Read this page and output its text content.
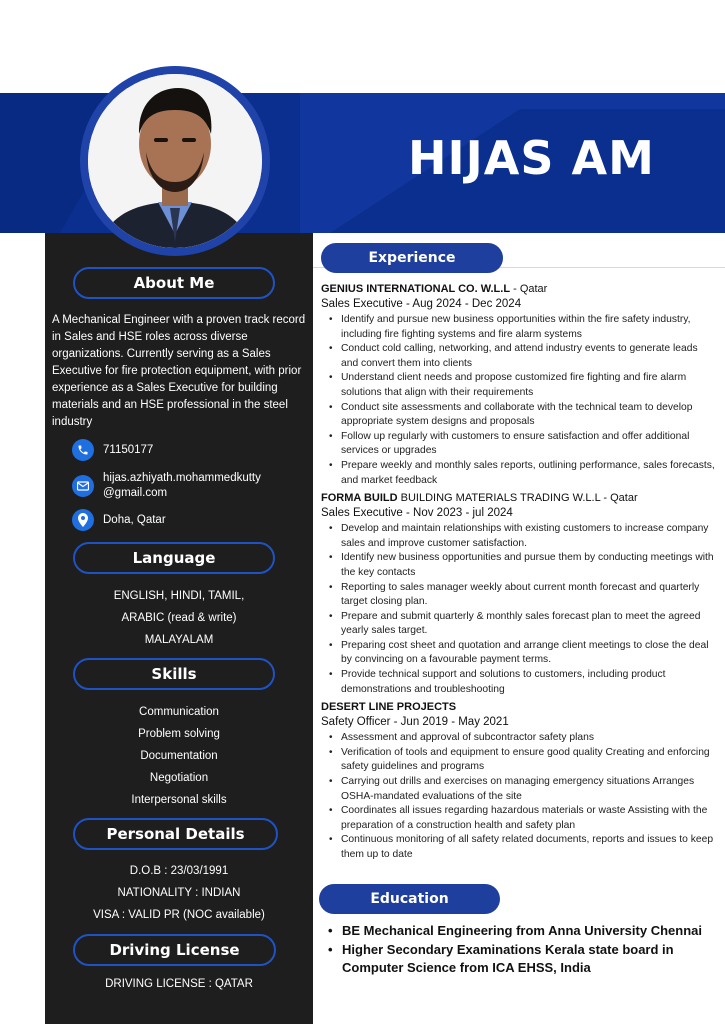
HIJAS AM
About Me
A Mechanical Engineer with a proven track record in Sales and HSE roles across diverse organizations. Currently serving as a Sales Executive for fire protection equipment, with prior experience as a Sales Executive for building materials and an HSE professional in the steel industry
71150177
hijas.azhiyath.mohammedkutty
@gmail.com
Doha, Qatar
Language
ENGLISH, HINDI, TAMIL,
ARABIC (read & write)
MALAYALAM
Skills
Communication
Problem solving
Documentation
Negotiation
Interpersonal skills
Personal Details
D.O.B : 23/03/1991
NATIONALITY : INDIAN
VISA : VALID PR (NOC available)
Driving License
DRIVING LICENSE : QATAR
Experience
GENIUS INTERNATIONAL CO. W.L.L - Qatar
Sales Executive - Aug 2024 - Dec 2024
• Identify and pursue new business opportunities within the fire safety industry, including fire fighting systems and fire alarm systems
• Conduct cold calling, networking, and attend industry events to generate leads and convert them into clients
• Understand client needs and propose customized fire fighting and fire alarm solutions that align with their requirements
• Conduct site assessments and collaborate with the technical team to develop appropriate system designs and proposals
• Follow up regularly with customers to ensure satisfaction and offer additional services or upgrades
• Prepare weekly and monthly sales reports, outlining performance, sales forecasts, and market feedback
FORMA BUILD BUILDING MATERIALS TRADING W.L.L - Qatar
Sales Executive - Nov 2023 - jul 2024
• Develop and maintain relationships with existing customers to increase company sales and improve customer satisfaction.
• Identify new business opportunities and pursue them by conducting meetings with the key contacts
• Reporting to sales manager weekly about current month forecast and quarterly target closing plan.
• Prepare and submit quarterly & monthly sales forecast plan to meet the agreed yearly sales target.
• Preparing cost sheet and quotation and arrange client meetings to close the deal by convincing on a favourable payment terms.
• Provide technical support and solutions to customers, including product demonstrations and troubleshooting
DESERT LINE PROJECTS
Safety Officer - Jun 2019 - May 2021
• Assessment and approval of subcontractor safety plans
• Verification of tools and equipment to ensure good quality Creating and enforcing safety guidelines and programs
• Carrying out drills and exercises on managing emergency situations Arranges OSHA-mandated evaluations of the site
• Coordinates all issues regarding hazardous materials or waste Assisting with the preparation of a construction health and safety plan
• Continuous monitoring of all safety related documents, reports and issues to keep them up to date
Education
• BE Mechanical Engineering from Anna University Chennai
• Higher Secondary Examinations Kerala state board in Computer Science from ICA EHSS, India
